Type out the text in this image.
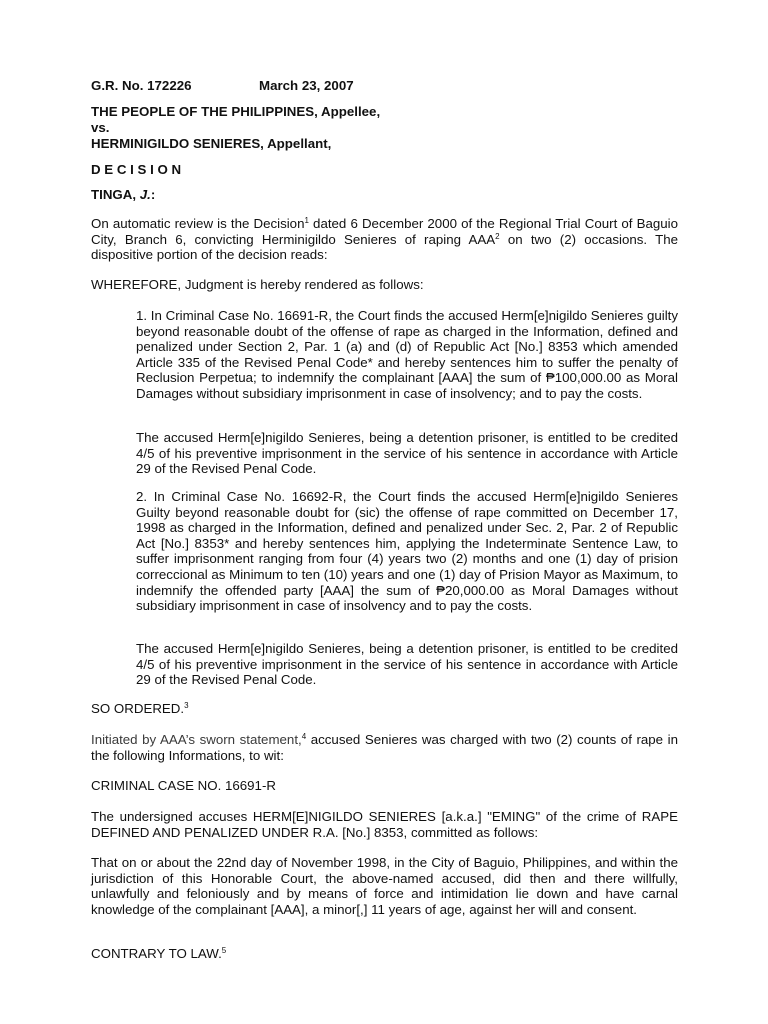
G.R. No. 172226	March 23, 2007
THE PEOPLE OF THE PHILIPPINES, Appellee,
vs.
HERMINIGILDO SENIERES, Appellant,
D E C I S I O N
TINGA, J.:

On automatic review is the Decision$^1$ dated 6 December 2000 of the Regional Trial Court of Baguio City, Branch 6, convicting Herminigildo Senieres of raping AAA$^2$ on two (2) occasions. The dispositive portion of the decision reads:

WHEREFORE, Judgment is hereby rendered as follows:

1. In Criminal Case No. 16691-R, the Court finds the accused Herm[e]nigildo Senieres guilty beyond reasonable doubt of the offense of rape as charged in the Information, defined and penalized under Section 2, Par. 1 (a) and (d) of Republic Act [No.] 8353 which amended Article 335 of the Revised Penal Code* and hereby sentences him to suffer the penalty of Reclusion Perpetua; to indemnify the complainant [AAA] the sum of ₱100,000.00 as Moral Damages without subsidiary imprisonment in case of insolvency; and to pay the costs.

The accused Herm[e]nigildo Senieres, being a detention prisoner, is entitled to be credited 4/5 of his preventive imprisonment in the service of his sentence in accordance with Article 29 of the Revised Penal Code.

2. In Criminal Case No. 16692-R, the Court finds the accused Herm[e]nigildo Senieres Guilty beyond reasonable doubt for (sic) the offense of rape committed on December 17, 1998 as charged in the Information, defined and penalized under Sec. 2, Par. 2 of Republic Act [No.] 8353* and hereby sentences him, applying the Indeterminate Sentence Law, to suffer imprisonment ranging from four (4) years two (2) months and one (1) day of prision correccional as Minimum to ten (10) years and one (1) day of Prision Mayor as Maximum, to indemnify the offended party [AAA] the sum of ₱20,000.00 as Moral Damages without subsidiary imprisonment in case of insolvency and to pay the costs.

The accused Herm[e]nigildo Senieres, being a detention prisoner, is entitled to be credited 4/5 of his preventive imprisonment in the service of his sentence in accordance with Article 29 of the Revised Penal Code.

SO ORDERED.$^3$

Initiated by AAA’s sworn statement,$^4$ accused Senieres was charged with two (2) counts of rape in the following Informations, to wit:

CRIMINAL CASE NO. 16691-R

The undersigned accuses HERM[E]NIGILDO SENIERES [a.k.a.] "EMING" of the crime of RAPE DEFINED AND PENALIZED UNDER R.A. [No.] 8353, committed as follows:

That on or about the 22nd day of November 1998, in the City of Baguio, Philippines, and within the jurisdiction of this Honorable Court, the above-named accused, did then and there willfully, unlawfully and feloniously and by means of force and intimidation lie down and have carnal knowledge of the complainant [AAA], a minor[,] 11 years of age, against her will and consent.

CONTRARY TO LAW.$^5$
